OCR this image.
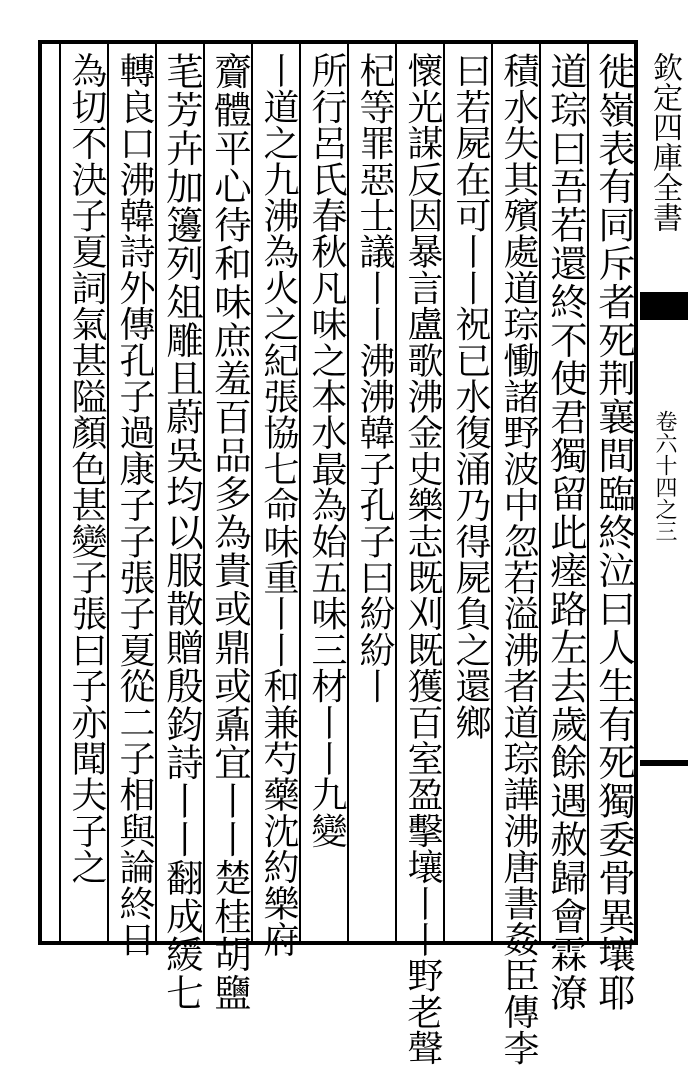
徙嶺表有同斥者死荆襄間臨終泣曰人生有死獨委骨異壤耶
道琮曰吾若還終不使君獨留此瘗路左去歲餘遇赦歸會霖潦
積水失其殯處道琮慟諸野波中忽若溢沸者道琮譁沸唐書姦臣傳李
曰若屍在可丨丨祝已水復涌乃得屍負之還鄉
懷光謀反因暴言盧歌沸金史樂志既刈既獲百室盈擊壤丨丨野老聲
杞等罪惡士議丨丨沸沸韓子孔子曰紛紛丨
所行呂氏春秋凡味之本水最為始五味三材丨丨九變
丨道之九沸為火之紀張協七命味重丨丨和兼芍藥沈約樂府
齎體平心待和味庶羞百品多為貴或鼎或鼒宜丨丨楚桂胡鹽
芼芳卉加籩列俎雕且蔚吳均以服散贈殷鈞詩丨丨翻成緩七
轉良口沸韓詩外傳孔子過康子子張子夏從二子相與論終日
為切不決子夏詞氣甚隘顏色甚變子張曰子亦聞夫子之	欽定四庫全書
卷六十四之三
